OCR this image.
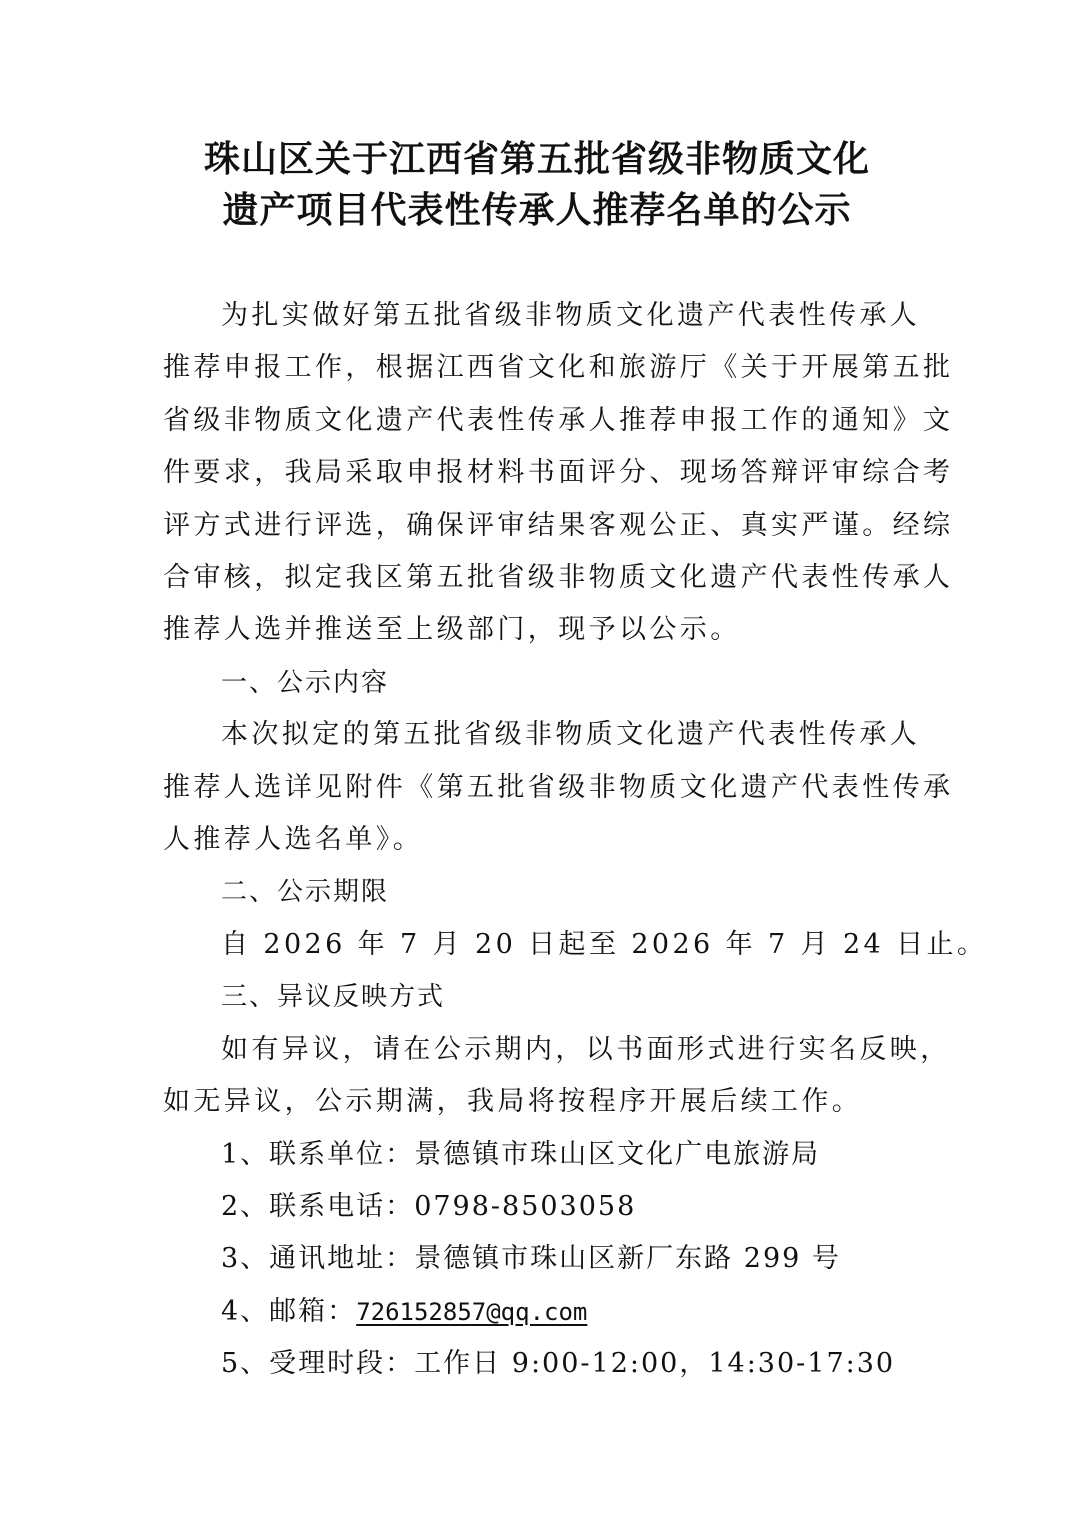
珠山区关于江西省第五批省级非物质文化
遗产项目代表性传承人推荐名单的公示

为扎实做好第五批省级非物质文化遗产代表性传承人
推荐申报工作，根据江西省文化和旅游厅《关于开展第五批
省级非物质文化遗产代表性传承人推荐申报工作的通知》文
件要求，我局采取申报材料书面评分、现场答辩评审综合考
评方式进行评选，确保评审结果客观公正、真实严谨。经综
合审核，拟定我区第五批省级非物质文化遗产代表性传承人
推荐人选并推送至上级部门，现予以公示。

一、公示内容
本次拟定的第五批省级非物质文化遗产代表性传承人
推荐人选详见附件《第五批省级非物质文化遗产代表性传承
人推荐人选名单》。

二、公示期限
自 2026 年 7 月 20 日起至 2026 年 7 月 24 日止。

三、异议反映方式
如有异议，请在公示期内，以书面形式进行实名反映，
如无异议，公示期满，我局将按程序开展后续工作。

1、联系单位：景德镇市珠山区文化广电旅游局
2、联系电话：0798-8503058
3、通讯地址：景德镇市珠山区新厂东路 299 号
4、邮箱：726152857@qq.com
5、受理时段：工作日 9:00-12:00，14:30-17:30
